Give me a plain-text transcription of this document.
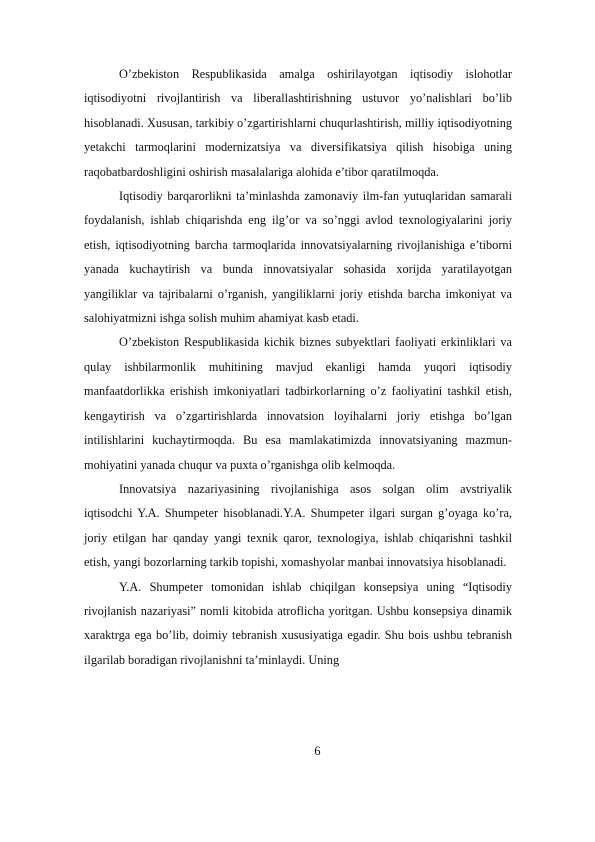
O’zbekiston Respublikasida amalga oshirilayotgan iqtisodiy islohotlar iqtisodiyotni rivojlantirish va liberallashtirishning ustuvor yo’nalishlari bo’lib hisoblanadi. Xususan, tarkibiy o’zgartirishlarni chuqurlashtirish, milliy iqtisodiyotning yetakchi tarmoqlarini modernizatsiya va diversifikatsiya qilish hisobiga uning raqobatbardoshligini oshirish masalalariga alohida e’tibor qaratilmoqda.

Iqtisodiy barqarorlikni ta’minlashda zamonaviy ilm-fan yutuqlaridan samarali foydalanish, ishlab chiqarishda eng ilg’or va so’nggi avlod texnologiyalarini joriy etish, iqtisodiyotning barcha tarmoqlarida innovatsiyalarning rivojlanishiga e’tiborni yanada kuchaytirish va bunda innovatsiyalar sohasida xorijda yaratilayotgan yangiliklar va tajribalarni o’rganish, yangiliklarni joriy etishda barcha imkoniyat va salohiyatmizni ishga solish muhim ahamiyat kasb etadi.

O’zbekiston Respublikasida kichik biznes subyektlari faoliyati erkinliklari va qulay ishbilarmonlik muhitining mavjud ekanligi hamda yuqori iqtisodiy manfaatdorlikka erishish imkoniyatlari tadbirkorlarning o’z faoliyatini tashkil etish, kengaytirish va o’zgartirishlarda innovatsion loyihalarni joriy etishga bo’lgan intilishlarini kuchaytirmoqda. Bu esa mamlakatimizda innovatsiyaning mazmun-mohiyatini yanada chuqur va puxta o’rganishga olib kelmoqda.

Innovatsiya nazariyasining rivojlanishiga asos solgan olim avstriyalik iqtisodchi Y.A. Shumpeter hisoblanadi.Y.A. Shumpeter ilgari surgan g’oyaga ko’ra, joriy etilgan har qanday yangi texnik qaror, texnologiya, ishlab chiqarishni tashkil etish, yangi bozorlarning tarkib topishi, xomashyolar manbai innovatsiya hisoblanadi.

Y.A. Shumpeter tomonidan ishlab chiqilgan konsepsiya uning “Iqtisodiy rivojlanish nazariyasi” nomli kitobida atroflicha yoritgan. Ushbu konsepsiya dinamik xaraktrga ega bo’lib, doimiy tebranish xususiyatiga egadir. Shu bois ushbu tebranish ilgarilab boradigan rivojlanishni ta’minlaydi. Uning

6
